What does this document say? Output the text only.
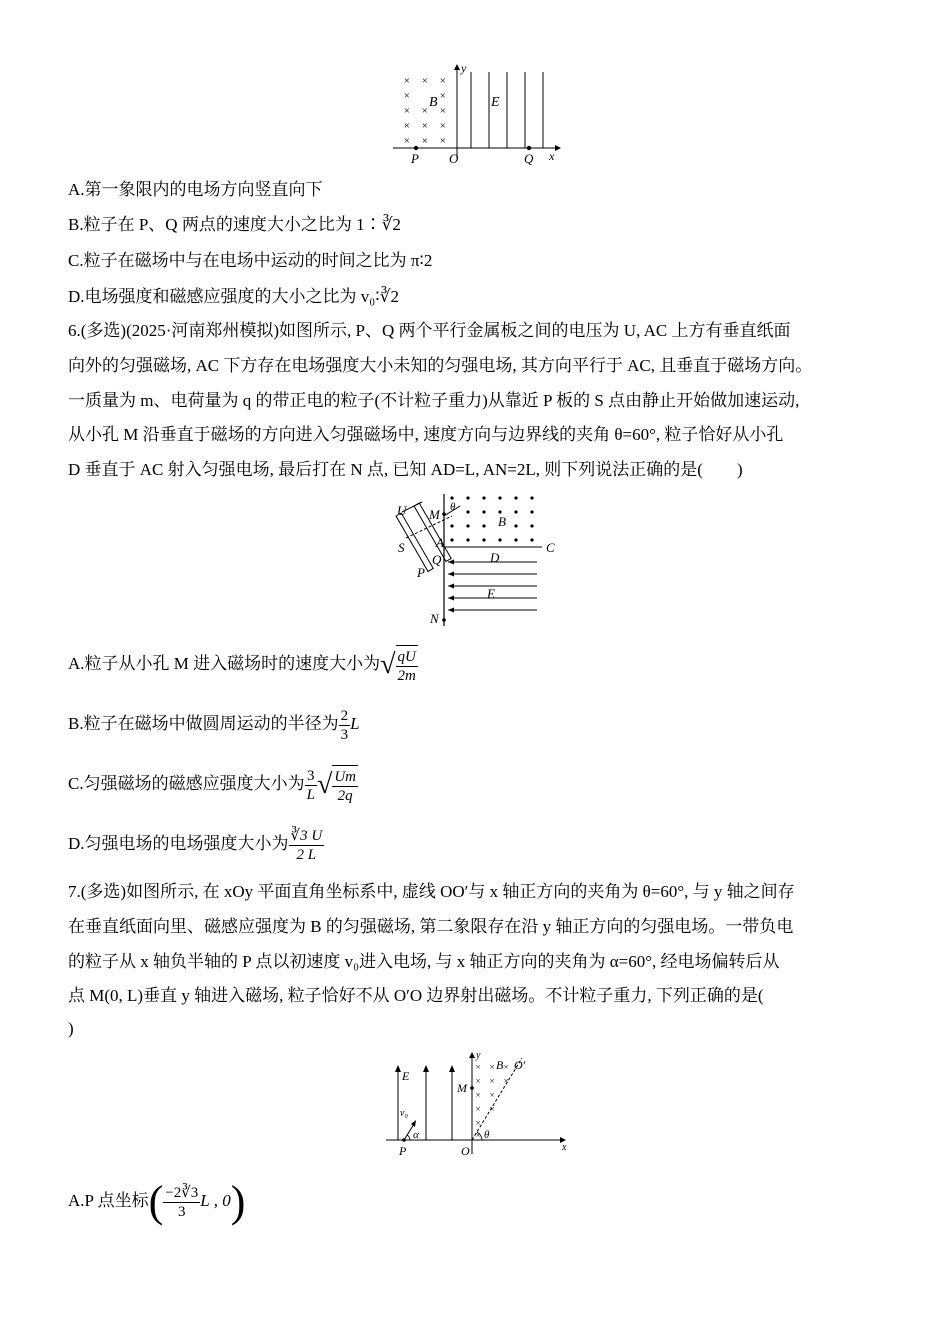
× × ×
×	×
× × ×
× × ×
× × ×
y
B	E
P O	Q x
A.第一象限内的电场方向竖直向下
B.粒子在 P、Q 两点的速度大小之比为 1∶∛2
C.粒子在磁场中与在电场中运动的时间之比为 π∶2
D.电场强度和磁感应强度的大小之比为 v₀∶∛2
6.(多选)(2025·河南郑州模拟)如图所示, P、Q 两个平行金属板之间的电压为 U, AC 上方有垂直纸面
向外的匀强磁场, AC 下方存在电场强度大小未知的匀强电场, 其方向平行于 AC, 且垂直于磁场方向。
一质量为 m、电荷量为 q 的带正电的粒子(不计粒子重力)从靠近 P 板的 S 点由静止开始做加速运动,
从小孔 M 沿垂直于磁场的方向进入匀强磁场中, 速度方向与边界线的夹角 θ=60°, 粒子恰好从小孔
D 垂直于 AC 射入匀强电场, 最后打在 N 点, 已知 AD=L, AN=2L, 则下列说法正确的是(　　)
U M θ
B
S A
Q	D
C
P
E
N
A.粒子从小孔 M 进入磁场时的速度大小为√ $\frac{qU}{2m}$
B.粒子在磁场中做圆周运动的半径为 $\frac{2}{3}$ L
C.匀强磁场的磁感应强度大小为 $\frac{3}{L}$ √ $\frac{Um}{2q}$
D.匀强电场的电场强度大小为 $\frac{∛3 U}{2 L}$
7.(多选)如图所示, 在 xOy 平面直角坐标系中, 虚线 OO′与 x 轴正方向的夹角为 θ=60°, 与 y 轴之间存
在垂直纸面向里、磁感应强度为 B 的匀强磁场, 第二象限存在沿 y 轴正方向的匀强电场。一带负电
的粒子从 x 轴负半轴的 P 点以初速度 v₀进入电场, 与 x 轴正方向的夹角为 α=60°, 经电场偏转后从
点 M(0, L)垂直 y 轴进入磁场, 粒子恰好不从 O′O 边界射出磁场。不计粒子重力, 下列正确的是(
)
×
×
×
×
×
×
×
×
×
×
×
×
E
M
y
B O′
v₀
α	θ
P	O	x
A.P 点坐标( $\frac{-2∛3}{3}$ L , 0)
